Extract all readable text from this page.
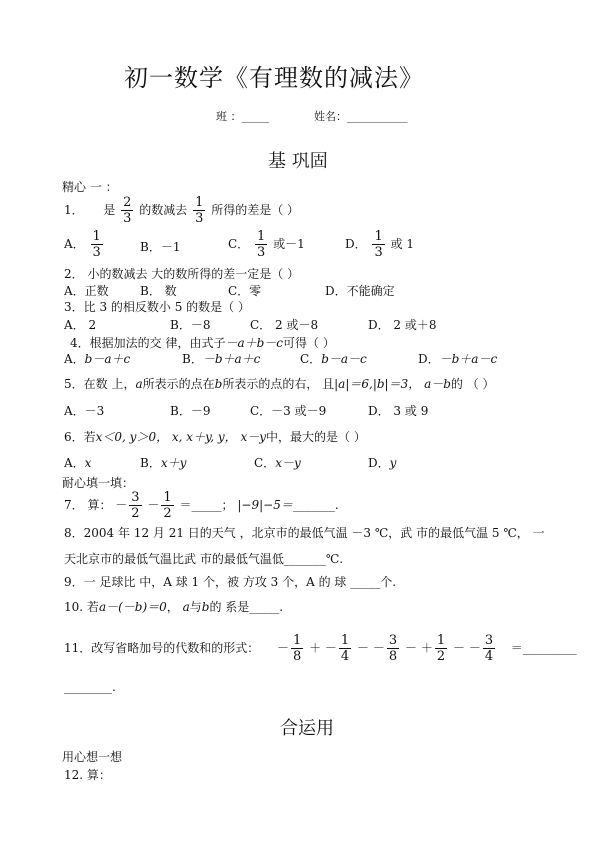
初一数学《有理数的减法》
班 ：_____	姓名：___________
基 巩固
精心 一 ：
1． 是 $\frac{2}{3}$ 的数减去 $\frac{1}{3}$ 所得的差是（ ）
A． $\frac{1}{3}$	B．－1	C． $\frac{1}{3}$ 或－1	D． $\frac{1}{3}$ 或 1
2． 小的数减去 大的数所得的差一定是（ ）
A．正数	B． 数	C．零	D．不能确定
3．比 3 的相反数小 5 的数是（ ）
A． 2	B．－8	C． 2 或－8	D． 2 或＋8
4．根据加法的交 律，由式子－a＋b－c可得（ ）
A．b－a＋c	B．－b＋a＋c	C．b－a－c	D．－b＋a－c
5．在数 上，a所表示的点在b所表示的点的右， 且|a|＝6,|b|＝3， a－b的 （ ）
A．－3	B．－9	C．－3 或－9	D． 3 或 9
6．若x＜0, y＞0， x, x＋y, y， x－y中，最大的是（ ）
A．x	B．x＋y	C．x－y	D．y
耐心填一填：
7． 算： － $\frac{3}{2} - \frac{1}{2}$ ＝_____； |−9|−5＝_______.
8．2004 年 12 月 21 日的天气 ，北京市的最低气温 －3 ℃，武 市的最低气温 5 ℃， 一
天北京市的最低气温比武 市的最低气温低_______℃.
9．一 足球比 中，A 球 1 个，被 方攻 3 个，A 的 球 _____个.
10. 若a－(－b)＝0， a与b的 系是_____.
11．改写省略加号的代数和的形式： － $\frac{1}{8}$ ＋ － $\frac{1}{4}$ － － $\frac{3}{8}$ － ＋ $\frac{1}{2}$ － － $\frac{3}{4}$ ＝_________
________.
合运用
用心想一想
12. 算：
